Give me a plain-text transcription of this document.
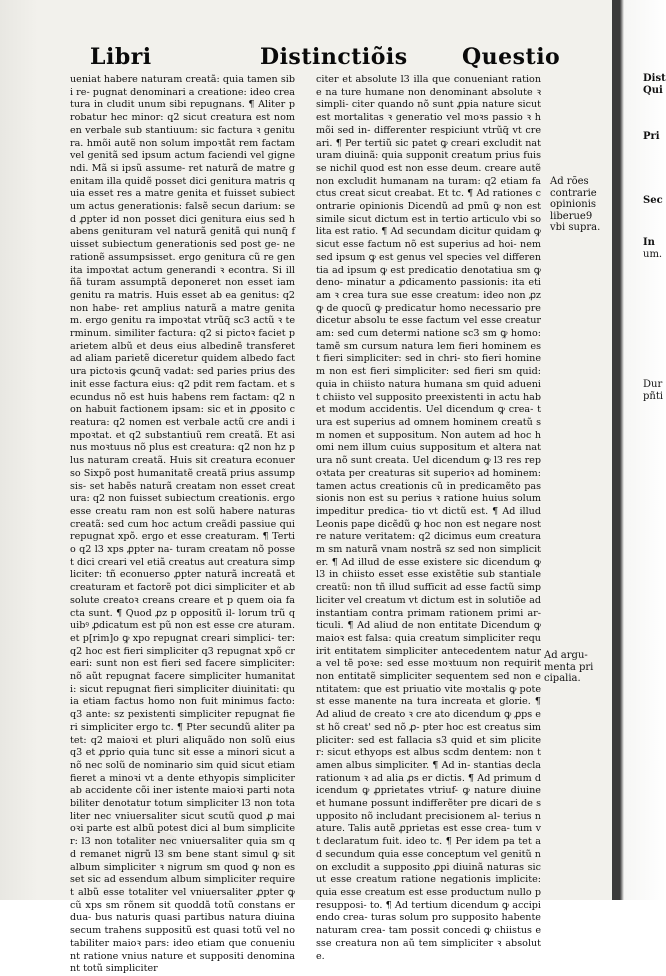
Libri	Distinctiõis Questio

ueniat habere naturam creatã: quia tamen sibi re- pugnat denominari a creatione: ideo creatura in cludit unum sibi repugnans. ¶ Aliter probatur hec minor: q2 sicut creatura est nomen verbale sub stantiuum: sic factura ꝛ genitura. hmõi autẽ non solum impoꝛtãt rem factam vel genitã sed ipsum actum faciendi vel gignendi. Mã si ipsũ assume- ret naturã de matre genitam illa quidẽ posset dici genitura matris quia esset res a matre genita et fuisset subiectum actus generationis: falsẽ secun darium: sed ꝓpter id non posset dici genitura eius sed habens genituram vel naturã genitã qui nunq̃ fuisset subiectum generationis sed post ge- nerationẽ assumpsisset. ergo genitura cũ re genita impoꝛtat actum generandi ꝛ econtra. Si illñã turam assumptã deponeret non esset iam genitu ra matris. Huis esset ab ea genitus: q2 non habe- ret amplius naturã a matre genitam. ergo genitu ra impoꝛtat vtrũq̃ sc3 actũ ꝛ terminum. similiter factura: q2 si pictoꝛ faciet parietem albũ et deus eius albedinẽ transferet ad aliam parietẽ diceretur quidem albedo factura pictoꝛis ꝙcunq̃ vadat: sed paries prius desinit esse factura eius: q2 pdit rem factam. et secundus nõ est huis habens rem factam: q2 non habuit factionem ipsam: sic et in ꝓposito creatura: q2 nomen est verbale actũ cre andi impoꝛtat. et q2 substantiuũ rem creatã. Et asinus moꝛtuus nõ plus est creatura: q2 non hz plus naturam creatã. Huis sit creatura econuerso Sixpõ post humanitatẽ creatã prius assumpsis- set habẽs naturã creatam non esset creatura: q2 non fuisset subiectum creationis. ergo esse creatu ram non est solũ habere naturas creatã: sed cum hoc actum creãdi passiue qui repugnat xpõ. ergo et esse creaturam. ¶ Tertio q2 l3 xps ꝓpter na- turam creatam nõ posset dici creari vel etiã creatus aut creatura simpliciter: tñ econuerso ꝓpter naturã increatã et creaturam et factorẽ pot dici simpliciter et absolute creatoꝛ creans creare et p quem oia facta sunt. ¶ Quod ꝓz p oppositũ il- lorum trũ quibꝰ ꝓdicatum est pũ non est esse cre aturam. et p[rim]o ꝙ xpo repugnat creari simplici- ter: q2 hoc est fieri simpliciter q3 repugnat xpõ creari: sunt non est fieri sed facere simpliciter: nõ aũt repugnat facere simpliciter humanitati: sicut repugnat fieri simpliciter diuinitati: quia etiam factus homo non fuit minimus facto: q3 ante: sz pexistenti simpliciter repugnat fieri simpliciter ergo tc. ¶ Pter secundũ aliter patet: q2 maioꝛi et pluri aliquãdo non solũ eius q3 et ꝓprio quia tunc sit esse a minori sicut a nõ nec solũ de nominario sim quid sicut etiam fieret a minoꝛi vt a dente ethyopis simpliciter ab accidente cõi iner istente maioꝛi parti notabiliter denotatur totum simpliciter l3 non totaliter nec vniuersaliter sicut scutũ quod ꝓ maioꝛi parte est albũ potest dici al bum simpliciter: l3 non totaliter nec vniuersaliter quia sm qd remanet nigrũ l3 sm bene stant simul ꝙ sit album simpliciter ꝛ nigrum sm quod ꝙ non esset sic ad essendum album simpliciter requiret albũ esse totaliter vel vniuersaliter ꝓpter ꝙ cũ xps sm rõnem sit quoddã totũ constans er dua- bus naturis quasi partibus natura diuina secum trahens suppositũ est quasi totũ vel notabiliter maioꝛ pars: ideo etiam que conueniunt ratione vnius nature et suppositi denominant totũ simpliciter

citer et absolute l3 illa que conueniant ratione na ture humane non denominant absolute ꝛ simpli- citer quando nõ sunt ꝓpia nature sicut est mortalitas ꝛ generatio vel moꝛs passio ꝛ hmõi sed in- differenter respiciunt vtrũq̃ vt creari. ¶ Per tertiũ sic patet ꝙ creari excludit naturam diuinã: quia supponit creatum prius fuisse nichil quod est non esse deum. creare autẽ non excludit humanam na turam: q2 etiam factus creat sicut creabat. Et tc. ¶ Ad rationes contrarie opinionis Dicendũ ad pmũ ꝙ non est simile sicut dictum est in tertio articulo vbi solita est ratio. ¶ Ad secundam dicitur quidam ꝙ sicut esse factum nõ est superius ad hoi- nem sed ipsum ꝙ est genus vel species vel differentia ad ipsum ꝙ est predicatio denotatiua sm ꝙ deno- minatur a ꝓdicamento passionis: ita etiam ꝛ crea tura sue esse creatum: ideo non ꝓz ꝙ de quocũ ꝙ predicatur homo necessario predicetur absolu te esse factum vel esse creaturam: sed cum determi natione sc3 sm ꝙ homo: tamẽ sm cursum natura lem fieri hominem est fieri simpliciter: sed in chri- sto fieri hominem non est fieri simpliciter: sed fieri sm quid: quia in chiisto natura humana sm quid aduenit chiisto vel supposito preexistenti in actu habet modum accidentis. Uel dicendum ꝙ crea- tura est superius ad omnem hominem creatũ sm nomen et suppositum. Non autem ad hoc homi nem illum cuius suppositum et altera natura nõ sunt creata. Uel dicendum ꝙ l3 res repoꝛtata per creaturas sit superioꝛ ad hominem: tamen actus creationis cũ in predicamẽto passionis non est su perius ꝛ ratione huius solum impeditur predica- tio vt dictũ est. ¶ Ad illud Leonis pape dicẽdũ ꝙ hoc non est negare nostre nature veritatem: q2 dicimus eum creaturam sm naturã vnam nostrã sz sed non simpliciter. ¶ Ad illud de esse existere sic dicendum ꝙ l3 in chiisto esset esse existẽtie sub stantiale creatũ: non tñ illud sufficit ad esse factũ simpliciter vel creatum vt dictum est in solutiõe ad instantiam contra primam rationem primi ar- ticuli. ¶ Ad aliud de non entitate Dicendum ꝙ maioꝛ est falsa: quia creatum simpliciter requirit entitatem simpliciter antecedentem natura vel tẽ poꝛe: sed esse moꝛtuum non requirit non entitatẽ simpliciter sequentem sed non entitatem: que est priuatio vite moꝛtalis ꝙ potest esse manente na tura increata et glorie. ¶ Ad aliud de creato ꝛ cre ato dicendum ꝙ ꝓps est hõ creat' sed nõ ꝓ- pter hoc est creatus simpliciter: sed est fallacia s3 quid et sim pliciter: sicut ethyops est albus scdm dentem: non tamen albus simpliciter. ¶ Ad in- stantias declarationum ꝛ ad alia ꝓs er dictis. ¶ Ad primum dicendum ꝙ ꝓprietates vtriuf- ꝙ nature diuine et humane possunt indifferẽter pre dicari de supposito nõ includant precisionem al- terius nature. Talis autẽ ꝓprietas est esse crea- tum vt declaratum fuit. ideo tc. ¶ Per idem pa tet ad secundum quia esse conceptum vel genitũ non excludit a supposito ꝓpi diuinã naturas sicut esse creatum ratione negationis implicite: quia esse creatum est esse productum nullo presupposi- to. ¶ Ad tertium dicendum ꝙ accipiendo crea- turas solum pro supposito habente naturam crea- tam possit concedi ꝙ chiistus esse creatura non aũ tem simpliciter ꝛ absolute.

Ad rões contrarie opinionis liberue9 vbi supra.
Ad argu- menta pri cipalia.
Dist
Qui
Pri
Sec
In
um.
Dur
pñti
